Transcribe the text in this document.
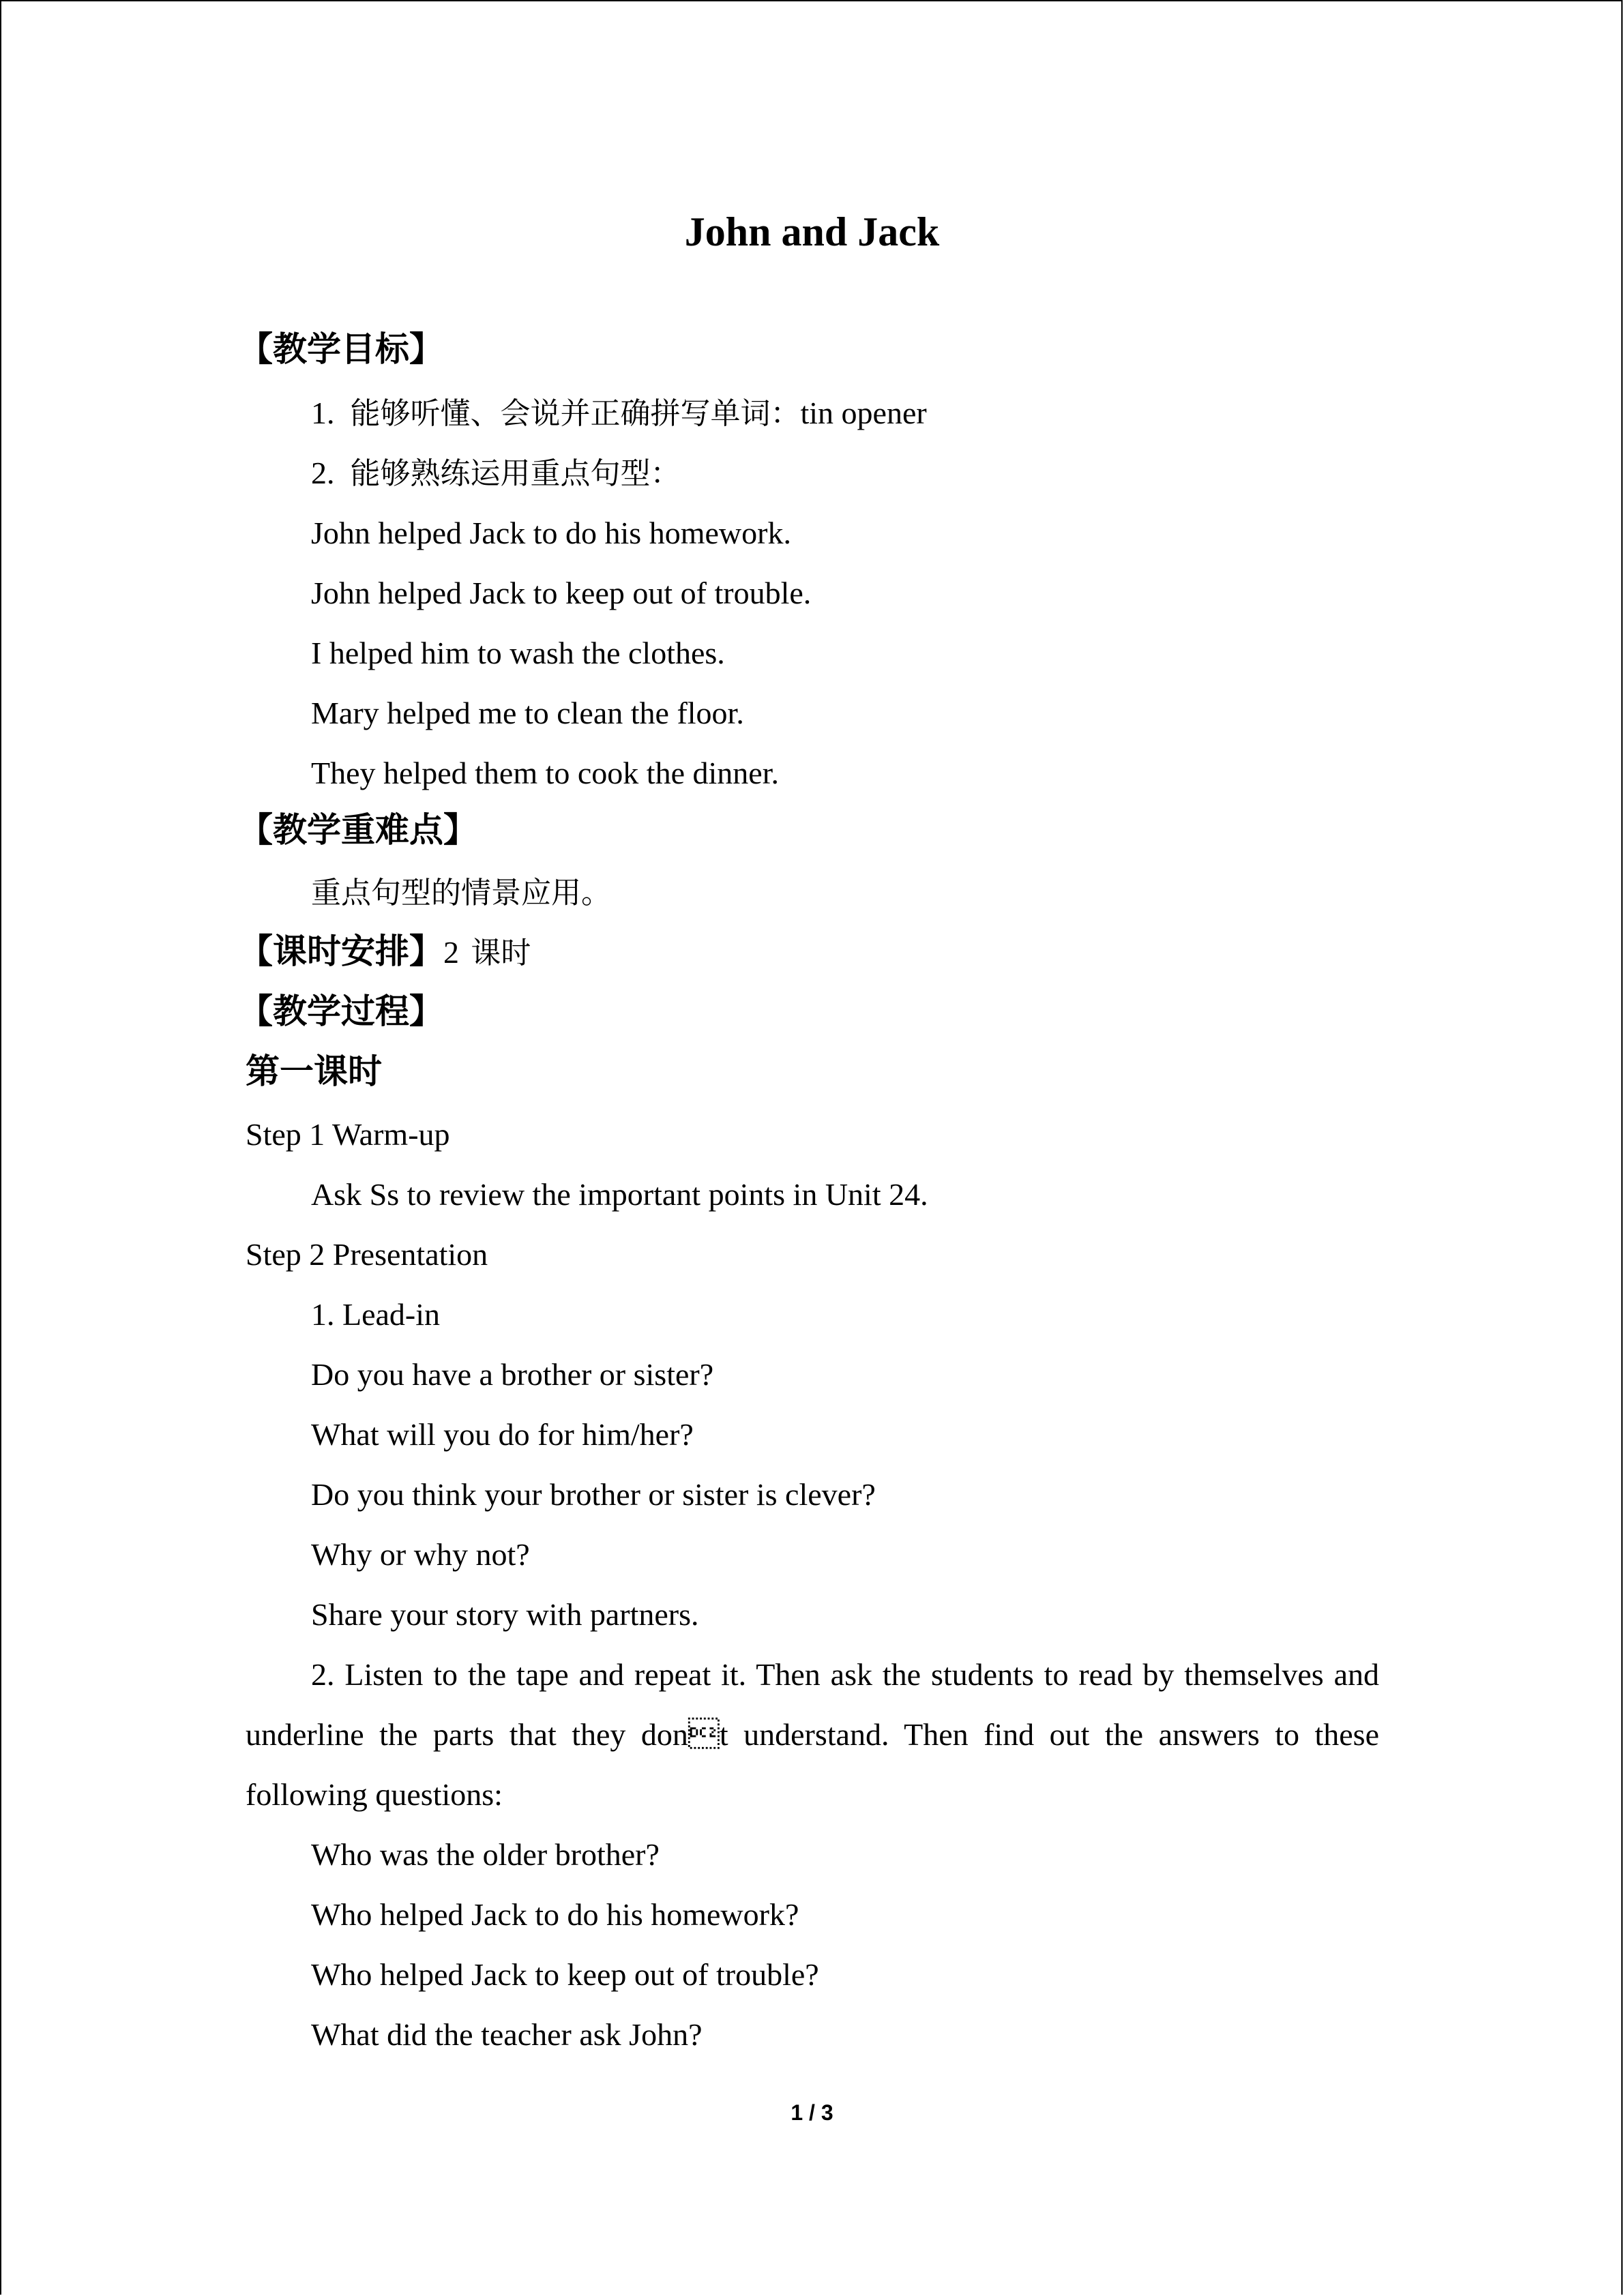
John and Jack
【教学目标】
1. 能够听懂、会说并正确拼写单词：tin opener
2. 能够熟练运用重点句型：
John helped Jack to do his homework.
John helped Jack to keep out of trouble.
I helped him to wash the clothes.
Mary helped me to clean the floor.
They helped them to cook the dinner.
【教学重难点】
重点句型的情景应用。
【课时安排】2 课时
【教学过程】
第一课时
Step 1 Warm-up
Ask Ss to review the important points in Unit 24.
Step 2 Presentation
1. Lead-in
Do you have a brother or sister?
What will you do for him/her?
Do you think your brother or sister is clever?
Why or why not?
Share your story with partners.
2. Listen to the tape and repeat it. Then ask the students to read by themselves and
underline the parts that they dont understand. Then find out the answers to these
following questions:
Who was the older brother?
Who helped Jack to do his homework?
Who helped Jack to keep out of trouble?
What did the teacher ask John?
1 / 3
